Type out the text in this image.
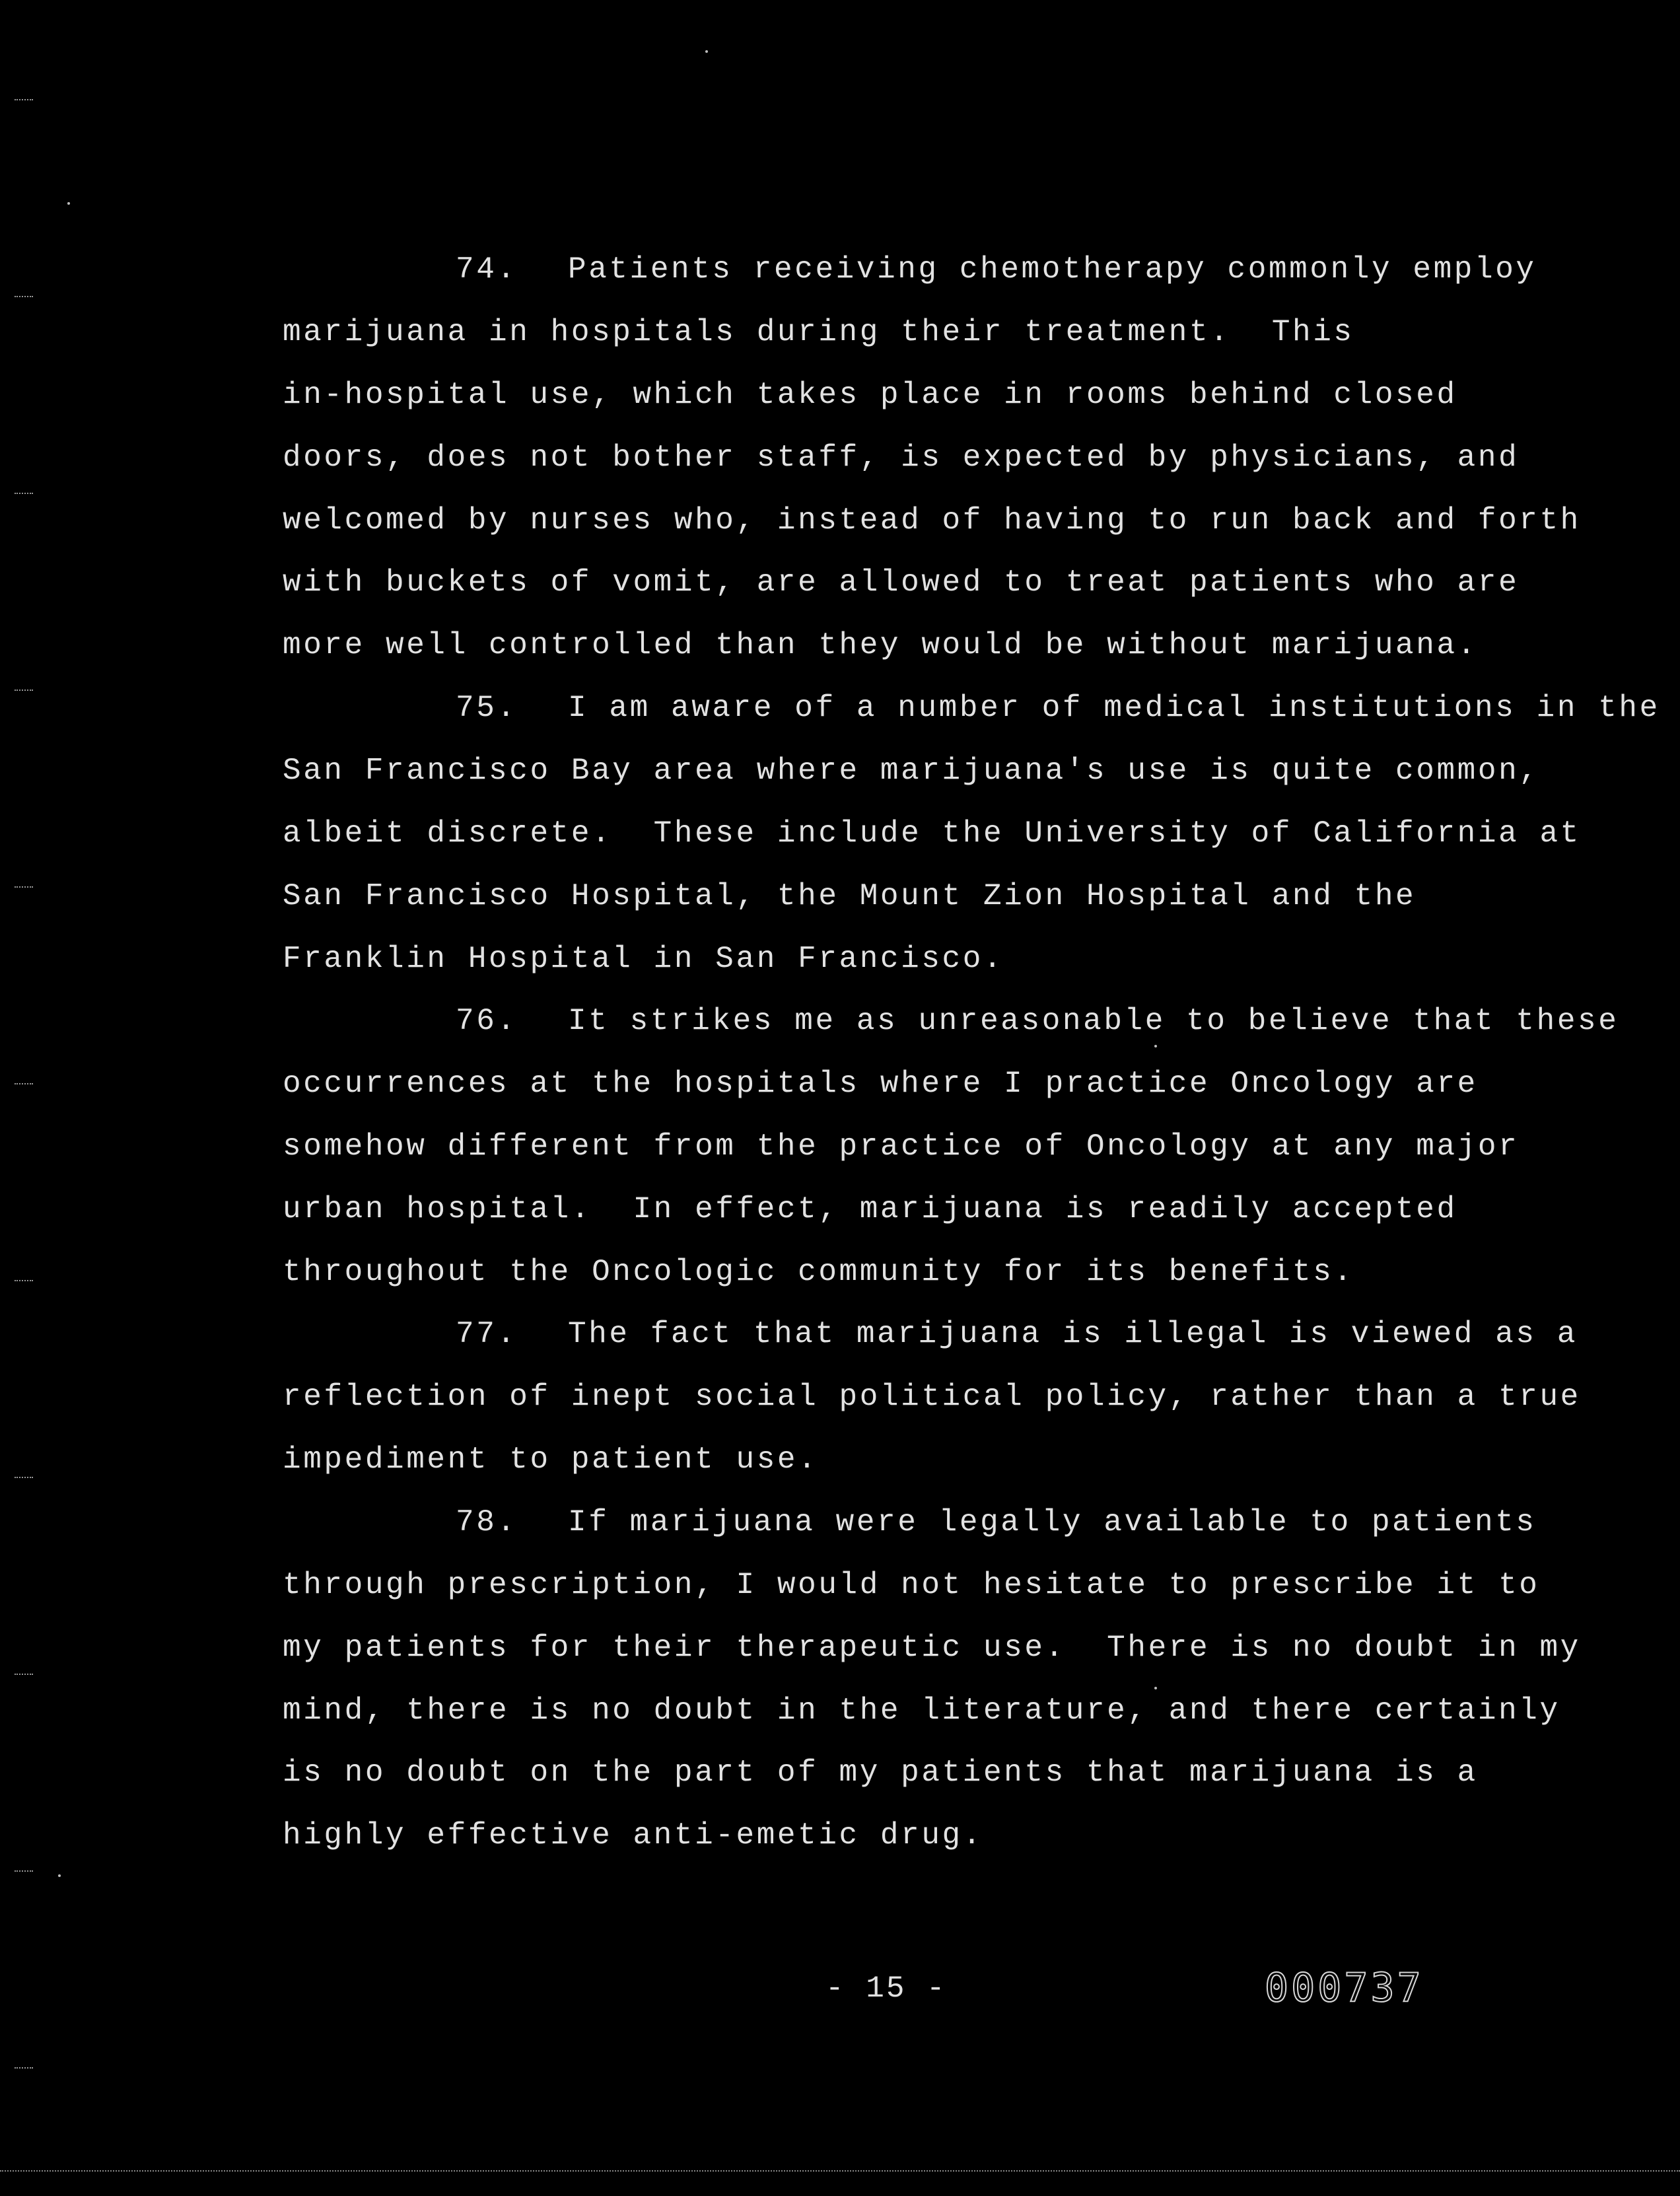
74. Patients receiving chemotherapy commonly employ
marijuana in hospitals during their treatment.  This
in-hospital use, which takes place in rooms behind closed
doors, does not bother staff, is expected by physicians, and
welcomed by nurses who, instead of having to run back and forth
with buckets of vomit, are allowed to treat patients who are
more well controlled than they would be without marijuana.
75. I am aware of a number of medical institutions in the
San Francisco Bay area where marijuana's use is quite common,
albeit discrete.  These include the University of California at
San Francisco Hospital, the Mount Zion Hospital and the
Franklin Hospital in San Francisco.
76. It strikes me as unreasonable to believe that these
occurrences at the hospitals where I practice Oncology are
somehow different from the practice of Oncology at any major
urban hospital.  In effect, marijuana is readily accepted
throughout the Oncologic community for its benefits.
77. The fact that marijuana is illegal is viewed as a
reflection of inept social political policy, rather than a true
impediment to patient use.
78. If marijuana were legally available to patients
through prescription, I would not hesitate to prescribe it to
my patients for their therapeutic use.  There is no doubt in my
mind, there is no doubt in the literature, and there certainly
is no doubt on the part of my patients that marijuana is a
highly effective anti-emetic drug.
- 15 -	000737
